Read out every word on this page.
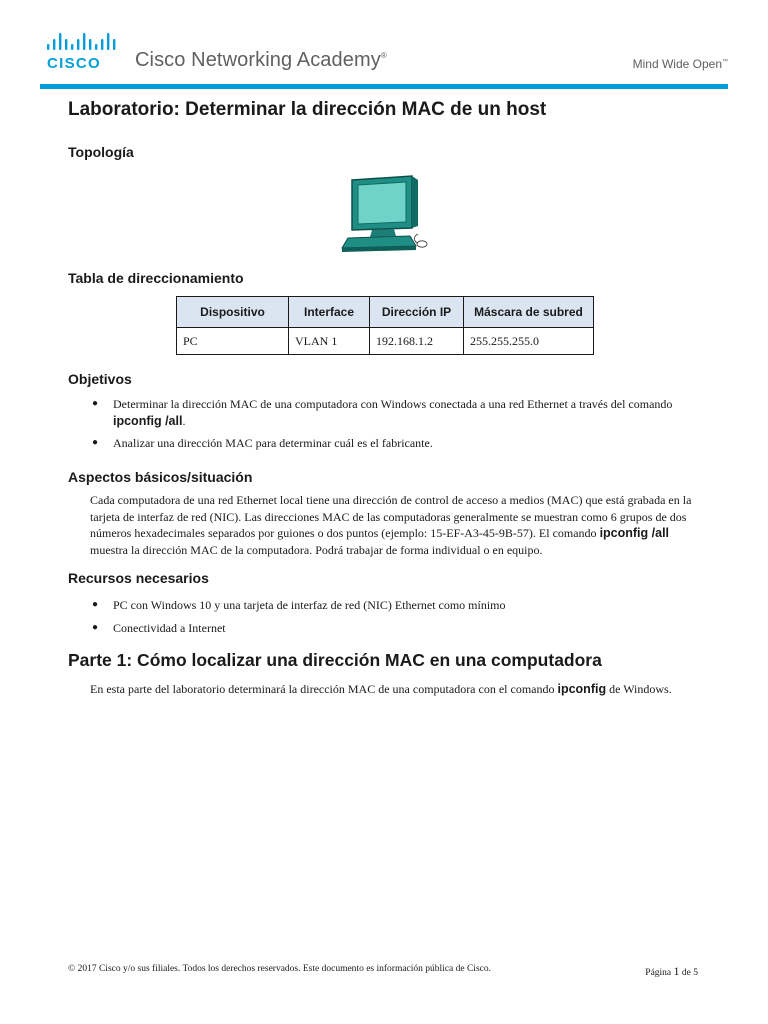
CISCO Cisco Networking Academy®
Mind Wide Open™
Laboratorio: Determinar la dirección MAC de un host
Topología
Tabla de direccionamiento
Dispositivo	Interface	Dirección IP	Máscara de subred
PC	VLAN 1	192.168.1.2	255.255.255.0
Objetivos
● Determinar la dirección MAC de una computadora con Windows conectada a una red Ethernet a través del comando ipconfig /all.
● Analizar una dirección MAC para determinar cuál es el fabricante.
Aspectos básicos/situación

Cada computadora de una red Ethernet local tiene una dirección de control de acceso a medios (MAC) que está grabada en la tarjeta de interfaz de red (NIC). Las direcciones MAC de las computadoras generalmente se muestran como 6 grupos de dos números hexadecimales separados por guiones o dos puntos (ejemplo: 15-EF-A3-45-9B-57). El comando ipconfig /all muestra la dirección MAC de la computadora. Podrá trabajar de forma individual o en equipo.

Recursos necesarios
● PC con Windows 10 y una tarjeta de interfaz de red (NIC) Ethernet como mínimo
● Conectividad a Internet
Parte 1: Cómo localizar una dirección MAC en una computadora

En esta parte del laboratorio determinará la dirección MAC de una computadora con el comando ipconfig de Windows.

© 2017 Cisco y/o sus filiales. Todos los derechos reservados. Este documento es información pública de Cisco.	Página 1 de 5
